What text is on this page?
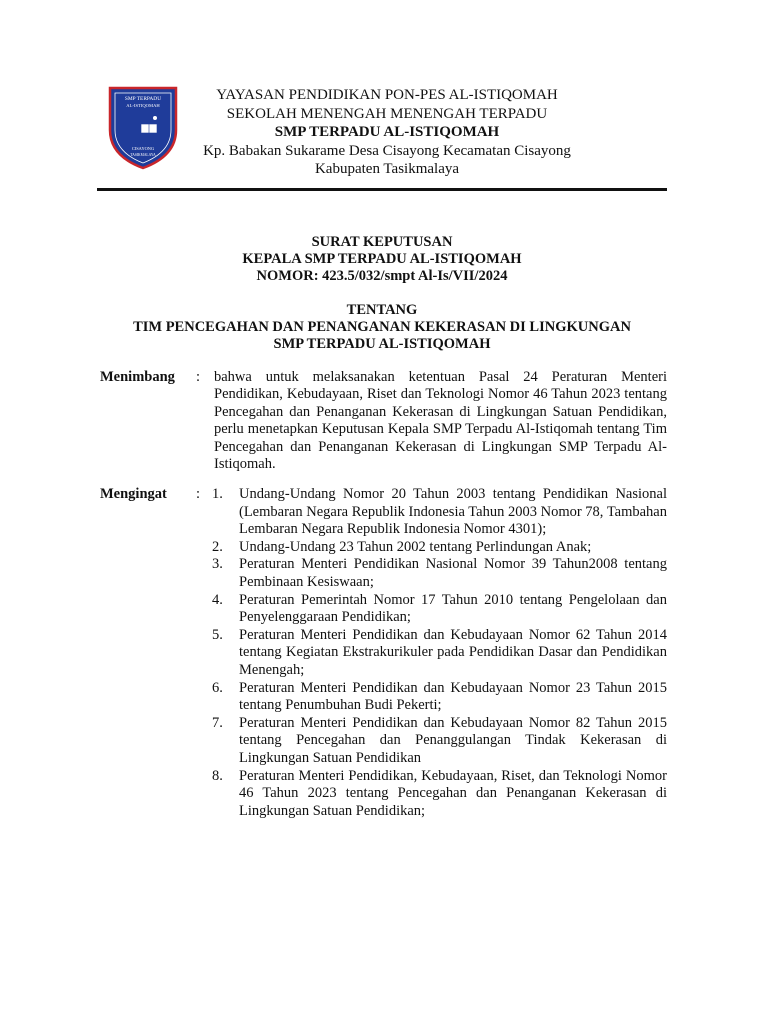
SMP TERPADU
AL-ISTIQOMAH
CISAYONG
TASIKMALAYA
YAYASAN PENDIDIKAN PON-PES AL-ISTIQOMAH
SEKOLAH MENENGAH MENENGAH TERPADU
SMP TERPADU AL-ISTIQOMAH
Kp. Babakan Sukarame Desa Cisayong Kecamatan Cisayong
Kabupaten Tasikmalaya
SURAT KEPUTUSAN
KEPALA SMP TERPADU AL-ISTIQOMAH
NOMOR: 423.5/032/smpt Al-Is/VII/2024
TENTANG
TIM PENCEGAHAN DAN PENANGANAN KEKERASAN DI LINGKUNGAN
SMP TERPADU AL-ISTIQOMAH
Menimbang : bahwa untuk melaksanakan ketentuan Pasal 24 Peraturan Menteri Pendidikan, Kebudayaan, Riset dan Teknologi Nomor 46 Tahun 2023 tentang Pencegahan dan Penanganan Kekerasan di Lingkungan Satuan Pendidikan, perlu menetapkan Keputusan Kepala SMP Terpadu Al-Istiqomah tentang Tim Pencegahan dan Penanganan Kekerasan di Lingkungan SMP Terpadu Al-Istiqomah.
Mengingat : 1. Undang-Undang Nomor 20 Tahun 2003 tentang Pendidikan Nasional (Lembaran Negara Republik Indonesia Tahun 2003 Nomor 78, Tambahan Lembaran Negara Republik Indonesia Nomor 4301);
2. Undang-Undang 23 Tahun 2002 tentang Perlindungan Anak;
3. Peraturan Menteri Pendidikan Nasional Nomor 39 Tahun2008 tentang Pembinaan Kesiswaan;
4. Peraturan Pemerintah Nomor 17 Tahun 2010 tentang Pengelolaan dan Penyelenggaraan Pendidikan;
5. Peraturan Menteri Pendidikan dan Kebudayaan Nomor 62 Tahun 2014 tentang Kegiatan Ekstrakurikuler pada Pendidikan Dasar dan Pendidikan Menengah;
6. Peraturan Menteri Pendidikan dan Kebudayaan Nomor 23 Tahun 2015 tentang Penumbuhan Budi Pekerti;
7. Peraturan Menteri Pendidikan dan Kebudayaan Nomor 82 Tahun 2015 tentang Pencegahan dan Penanggulangan Tindak Kekerasan di Lingkungan Satuan Pendidikan
8. Peraturan Menteri Pendidikan, Kebudayaan, Riset, dan Teknologi Nomor 46 Tahun 2023 tentang Pencegahan dan Penanganan Kekerasan di Lingkungan Satuan Pendidikan;
